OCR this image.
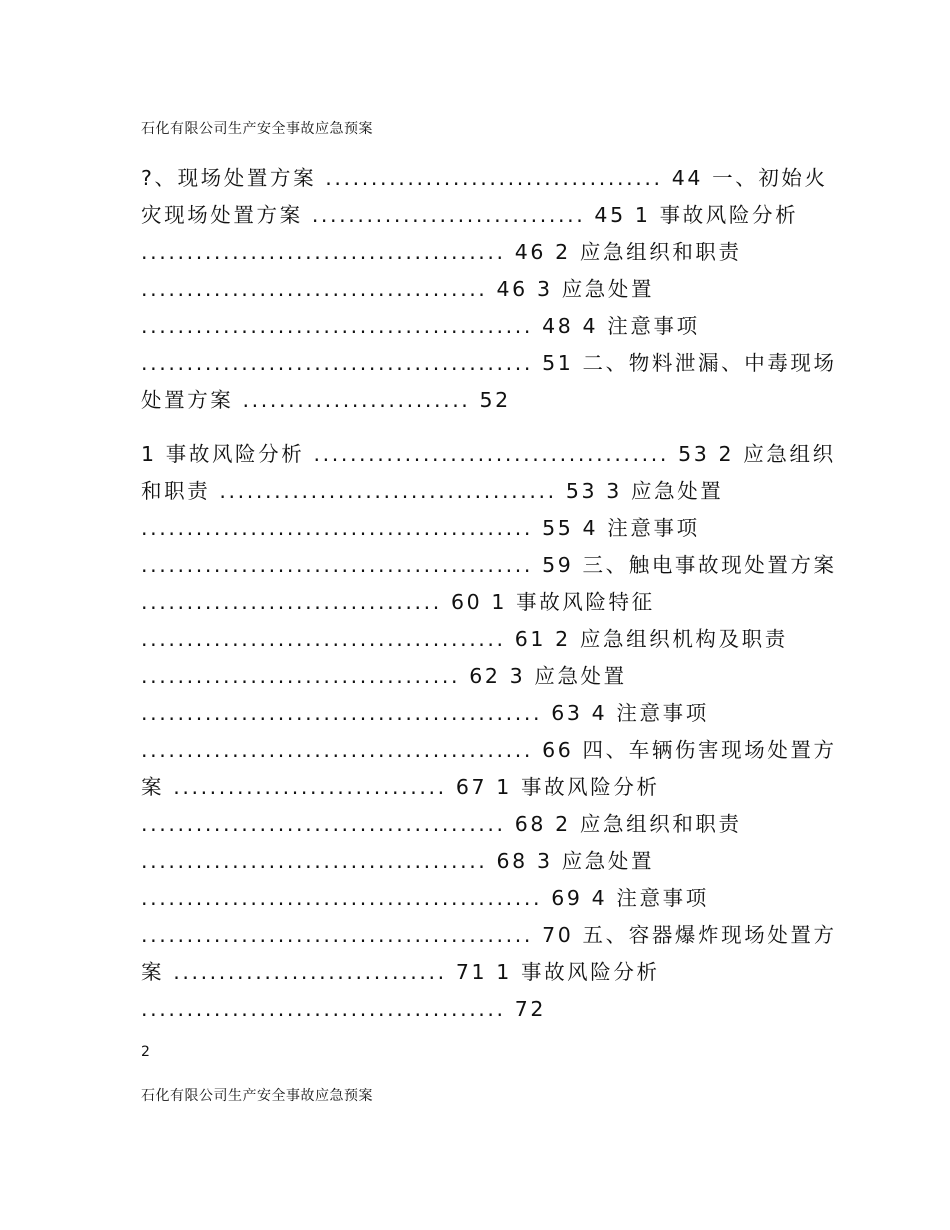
石化有限公司生产安全事故应急预案
?、现场处置方案 ..................................... 44 一、初始火
灾现场处置方案 .............................. 45 1 事故风险分析
........................................ 46 2 应急组织和职责
...................................... 46 3 应急处置
........................................... 48 4 注意事项
........................................... 51 二、物料泄漏、中毒现场
处置方案 ......................... 52
1 事故风险分析 ....................................... 53 2 应急组织
和职责 ..................................... 53 3 应急处置
........................................... 55 4 注意事项
........................................... 59 三、触电事故现处置方案
................................. 60 1 事故风险特征
........................................ 61 2 应急组织机构及职责
................................... 62 3 应急处置
............................................ 63 4 注意事项
........................................... 66 四、车辆伤害现场处置方
案 .............................. 67 1 事故风险分析
........................................ 68 2 应急组织和职责
...................................... 68 3 应急处置
............................................ 69 4 注意事项
........................................... 70 五、容器爆炸现场处置方
案 .............................. 71 1 事故风险分析
........................................ 72
2
石化有限公司生产安全事故应急预案
